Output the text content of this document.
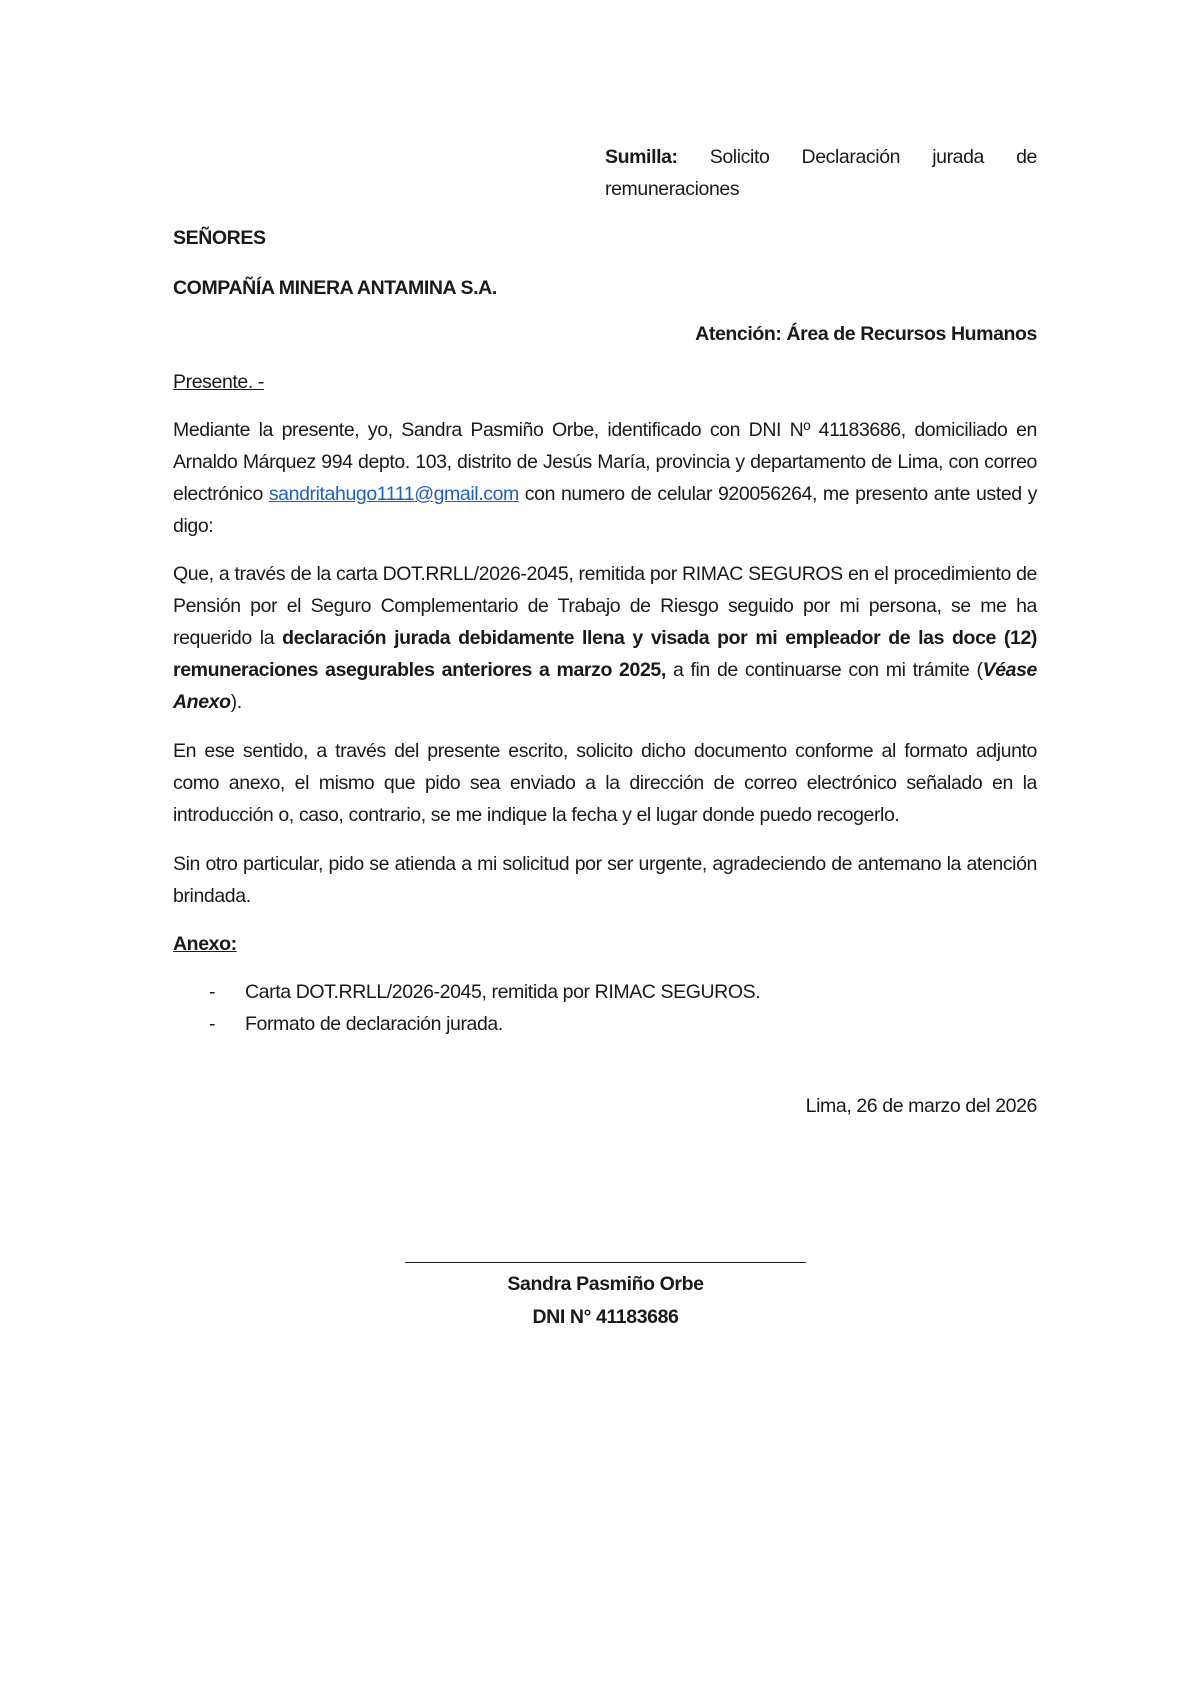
Sumilla: Solicito Declaración jurada de remuneraciones
SEÑORES
COMPAÑÍA MINERA ANTAMINA S.A.
Atención: Área de Recursos Humanos
Presente. -

Mediante la presente, yo, Sandra Pasmiño Orbe, identificado con DNI Nº 41183686, domiciliado en Arnaldo Márquez 994 depto. 103, distrito de Jesús María, provincia y departamento de Lima, con correo electrónico sandritahugo1111@gmail.com con numero de celular 920056264, me presento ante usted y digo:

Que, a través de la carta DOT.RRLL/2026-2045, remitida por RIMAC SEGUROS en el procedimiento de Pensión por el Seguro Complementario de Trabajo de Riesgo seguido por mi persona, se me ha requerido la declaración jurada debidamente llena y visada por mi empleador de las doce (12) remuneraciones asegurables anteriores a marzo 2025, a fin de continuarse con mi trámite (Véase Anexo).

En ese sentido, a través del presente escrito, solicito dicho documento conforme al formato adjunto como anexo, el mismo que pido sea enviado a la dirección de correo electrónico señalado en la introducción o, caso, contrario, se me indique la fecha y el lugar donde puedo recogerlo.

Sin otro particular, pido se atienda a mi solicitud por ser urgente, agradeciendo de antemano la atención brindada.

Anexo:
-	Carta DOT.RRLL/2026-2045, remitida por RIMAC SEGUROS.
-	Formato de declaración jurada.
Lima, 26 de marzo del 2026
Sandra Pasmiño Orbe
DNI N° 41183686
